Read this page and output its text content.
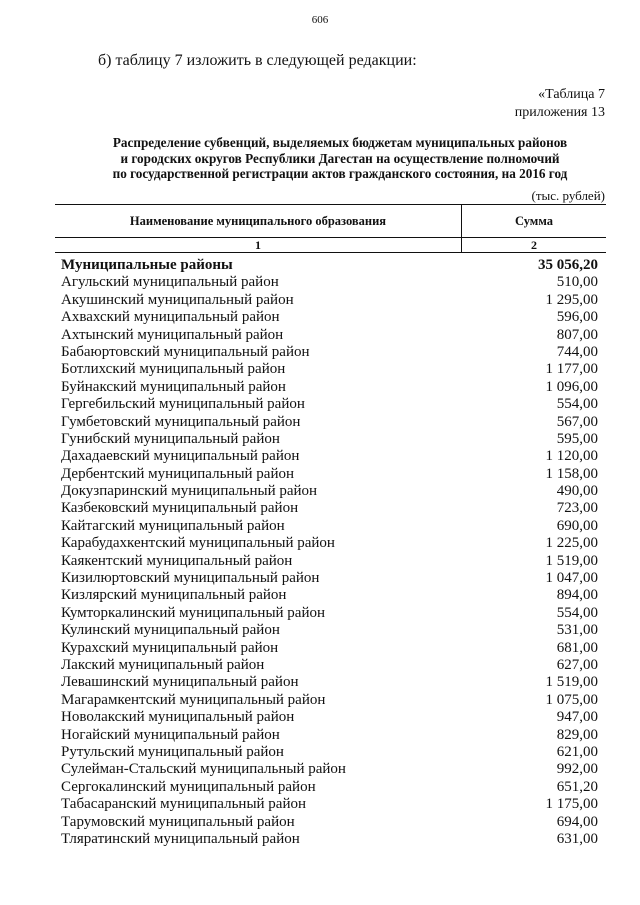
606
б) таблицу 7 изложить в следующей редакции:
«Таблица 7
приложения 13
Распределение субвенций, выделяемых бюджетам муниципальных районов
и городских округов Республики Дагестан на осуществление полномочий
по государственной регистрации актов гражданского состояния, на 2016 год
(тыс. рублей)
Наименование муниципального образования	Сумма
1	2
Муниципальные районы	35 056,20
Агульский муниципальный район	510,00
Акушинский муниципальный район	1 295,00
Ахвахский муниципальный район	596,00
Ахтынский муниципальный район	807,00
Бабаюртовский муниципальный район	744,00
Ботлихский муниципальный район	1 177,00
Буйнакский муниципальный район	1 096,00
Гергебильский муниципальный район	554,00
Гумбетовский муниципальный район	567,00
Гунибский муниципальный район	595,00
Дахадаевский муниципальный район	1 120,00
Дербентский муниципальный район	1 158,00
Докузпаринский муниципальный район	490,00
Казбековский муниципальный район	723,00
Кайтагский муниципальный район	690,00
Карабудахкентский муниципальный район	1 225,00
Каякентский муниципальный район	1 519,00
Кизилюртовский муниципальный район	1 047,00
Кизлярский муниципальный район	894,00
Кумторкалинский муниципальный район	554,00
Кулинский муниципальный район	531,00
Курахский муниципальный район	681,00
Лакский муниципальный район	627,00
Левашинский муниципальный район	1 519,00
Магарамкентский муниципальный район	1 075,00
Новолакский муниципальный район	947,00
Ногайский муниципальный район	829,00
Рутульский муниципальный район	621,00
Сулейман-Стальский муниципальный район	992,00
Сергокалинский муниципальный район	651,20
Табасаранский муниципальный район	1 175,00
Тарумовский муниципальный район	694,00
Тляратинский муниципальный район	631,00
